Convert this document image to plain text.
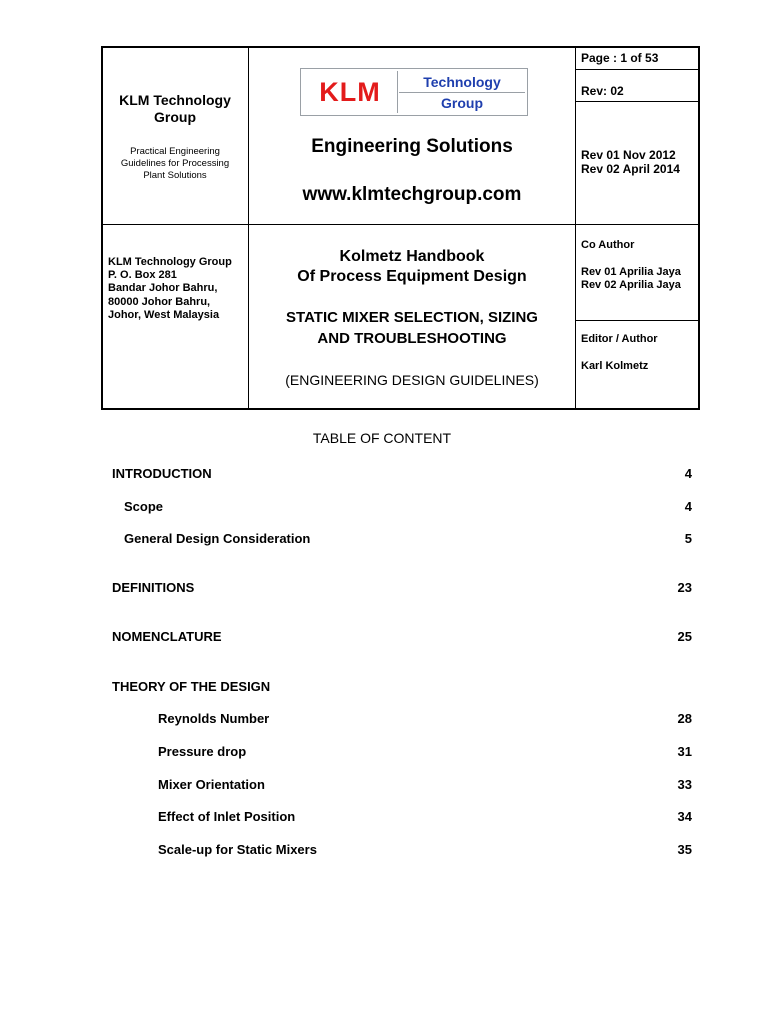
KLM Technology
Group
Practical Engineering
Guidelines for Processing
Plant Solutions
KLM	Technology
Group
Engineering Solutions
www.klmtechgroup.com
Page : 1 of 53
Rev: 02
Rev 01 Nov 2012
Rev 02 April 2014
KLM Technology Group
P. O. Box 281
Bandar Johor Bahru,
80000 Johor Bahru,
Johor, West Malaysia
Kolmetz Handbook
Of Process Equipment Design
STATIC MIXER SELECTION, SIZING
AND TROUBLESHOOTING
(ENGINEERING DESIGN GUIDELINES)
Co Author
Rev 01 Aprilia Jaya
Rev 02 Aprilia Jaya
Editor / Author
Karl Kolmetz
TABLE OF CONTENT
INTRODUCTION	4
Scope	4
General Design Consideration	5
DEFINITIONS	23
NOMENCLATURE	25
THEORY OF THE DESIGN
Reynolds Number	28
Pressure drop	31
Mixer Orientation	33
Effect of Inlet Position	34
Scale-up for Static Mixers	35
